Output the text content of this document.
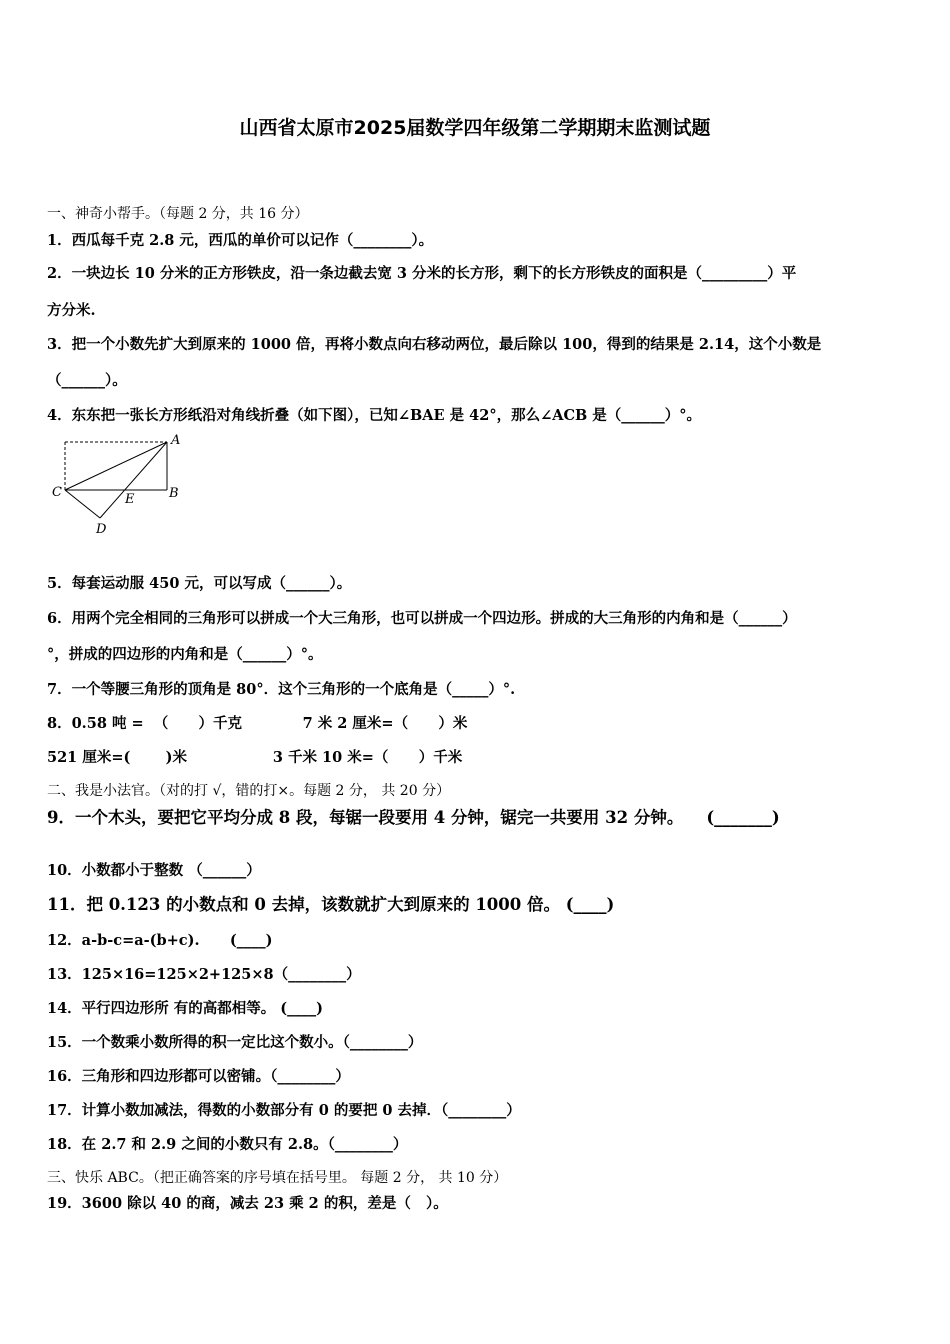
山西省太原市2025届数学四年级第二学期期末监测试题
一、神奇小帮手。（每题 2 分，共 16 分）
1．西瓜每千克 2.8 元，西瓜的单价可以记作（________）。
2．一块边长 10 分米的正方形铁皮，沿一条边截去宽 3 分米的长方形，剩下的长方形铁皮的面积是（_________）平
方分米.
3．把一个小数先扩大到原来的 1000 倍，再将小数点向右移动两位，最后除以 100，得到的结果是 2.14，这个小数是
（______）。
4．东东把一张长方形纸沿对角线折叠（如下图），已知∠BAE 是 42°，那么∠ACB 是（______）°。
A
B
C
D
E
5．每套运动服 450 元，可以写成（______）。
6．用两个完全相同的三角形可以拼成一个大三角形，也可以拼成一个四边形。拼成的大三角形的内角和是（______）
°，拼成的四边形的内角和是（______）°。
7．一个等腰三角形的顶角是 80°．这个三角形的一个底角是（_____）°.
8．0.58 吨 =  （      ）千克            7 米 2 厘米=（      ）米
521 厘米=(       )米                 3 千米 10 米=（      ）千米
二、我是小法官。（对的打 √，错的打×。每题 2 分， 共 20 分）
9．一个木头，要把它平均分成 8 段，每锯一段要用 4 分钟，锯完一共要用 32 分钟。    (_______)
10．小数都小于整数 （______）
11．把 0.123 的小数点和 0 去掉，该数就扩大到原来的 1000 倍。 (____)
12．a-b-c=a-(b+c).      (____)
13．125×16=125×2+125×8（________）
14．平行四边形所 有的高都相等。 (____)
15．一个数乘小数所得的积一定比这个数小。（________）
16．三角形和四边形都可以密铺。（________）
17．计算小数加减法，得数的小数部分有 0 的要把 0 去掉．（________）
18．在 2.7 和 2.9 之间的小数只有 2.8。（________）
三、快乐 ABC。（把正确答案的序号填在括号里。 每题 2 分， 共 10 分）
19．3600 除以 40 的商，减去 23 乘 2 的积，差是（   ）。
